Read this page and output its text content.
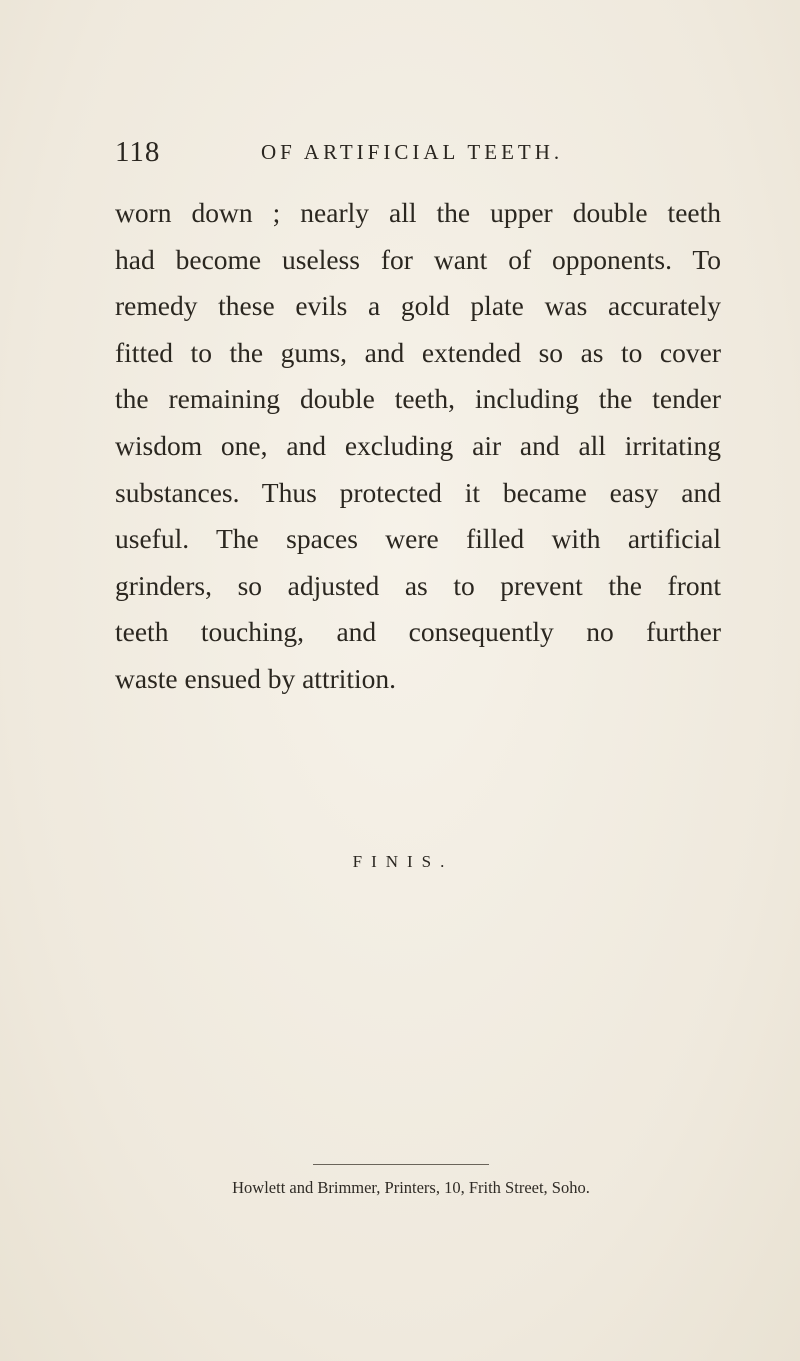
118	OF ARTIFICIAL TEETH.
worn down ; nearly all the upper double teeth
had become useless for want of opponents. To
remedy these evils a gold plate was accurately
fitted to the gums, and extended so as to cover
the remaining double teeth, including the tender
wisdom one, and excluding air and all irritating
substances. Thus protected it became easy and
useful. The spaces were filled with artificial
grinders, so adjusted as to prevent the front
teeth touching, and consequently no further
waste ensued by attrition.
FINIS.
Howlett and Brimmer, Printers, 10, Frith Street, Soho.
